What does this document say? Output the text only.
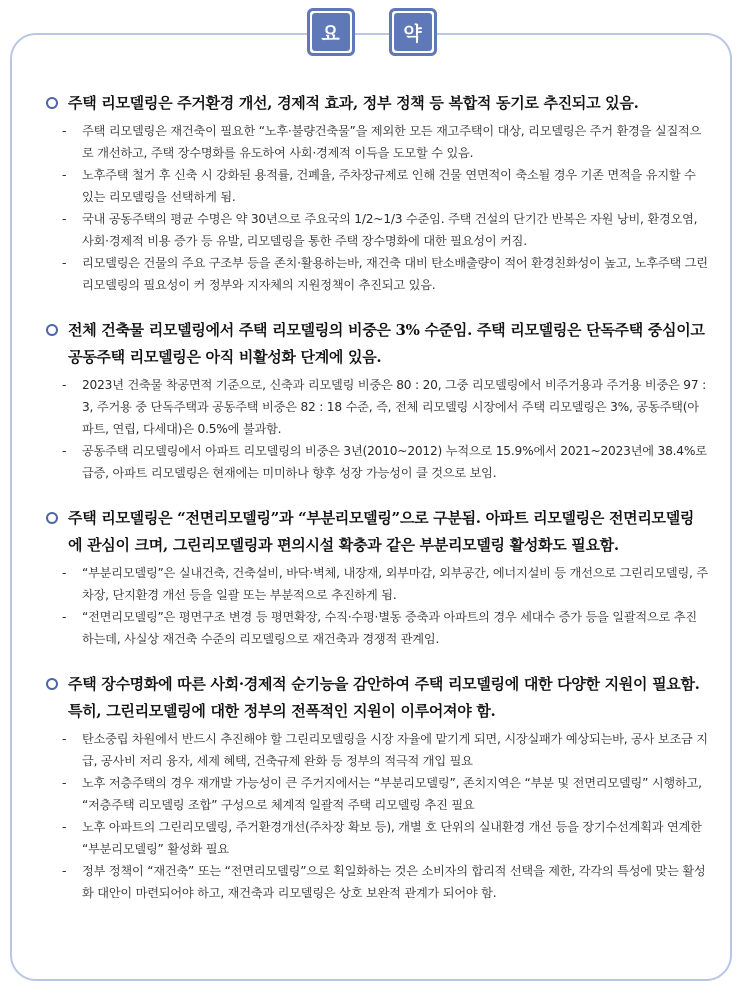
요	약
주택 리모델링은 주거환경 개선, 경제적 효과, 정부 정책 등 복합적 동기로 추진되고 있음.
- 주택 리모델링은 재건축이 필요한 “노후·불량건축물”을 제외한 모든 재고주택이 대상, 리모델링은 주거 환경을 실질적으로 개선하고, 주택 장수명화를 유도하여 사회·경제적 이득을 도모할 수 있음.
- 노후주택 철거 후 신축 시 강화된 용적률, 건폐율, 주차장규제로 인해 건물 연면적이 축소될 경우 기존 면적을 유지할 수 있는 리모델링을 선택하게 됨.
- 국내 공동주택의 평균 수명은 약 30년으로 주요국의 1/2~1/3 수준임. 주택 건설의 단기간 반복은 자원 낭비, 환경오염, 사회·경제적 비용 증가 등 유발, 리모델링을 통한 주택 장수명화에 대한 필요성이 커짐.
- 리모델링은 건물의 주요 구조부 등을 존치·활용하는바, 재건축 대비 탄소배출량이 적어 환경친화성이 높고, 노후주택 그린리모델링의 필요성이 커 정부와 지자체의 지원정책이 추진되고 있음.
전체 건축물 리모델링에서 주택 리모델링의 비중은 3% 수준임. 주택 리모델링은 단독주택 중심이고 공동주택 리모델링은 아직 비활성화 단계에 있음.
- 2023년 건축물 착공면적 기준으로, 신축과 리모델링 비중은 80 : 20, 그중 리모델링에서 비주거용과 주거용 비중은 97 : 3, 주거용 중 단독주택과 공동주택 비중은 82 : 18 수준, 즉, 전체 리모델링 시장에서 주택 리모델링은 3%, 공동주택(아파트, 연립, 다세대)은 0.5%에 불과함.
- 공동주택 리모델링에서 아파트 리모델링의 비중은 3년(2010~2012) 누적으로 15.9%에서 2021~2023년에 38.4%로 급증, 아파트 리모델링은 현재에는 미미하나 향후 성장 가능성이 클 것으로 보임.
주택 리모델링은 “전면리모델링”과 “부분리모델링”으로 구분됨. 아파트 리모델링은 전면리모델링에 관심이 크며, 그린리모델링과 편의시설 확충과 같은 부분리모델링 활성화도 필요함.
- “부분리모델링”은 실내건축, 건축설비, 바닥·벽체, 내장재, 외부마감, 외부공간, 에너지설비 등 개선으로 그린리모델링, 주차장, 단지환경 개선 등을 일괄 또는 부분적으로 추진하게 됨.
- “전면리모델링”은 평면구조 변경 등 평면확장, 수직·수평·별동 증축과 아파트의 경우 세대수 증가 등을 일괄적으로 추진하는데, 사실상 재건축 수준의 리모델링으로 재건축과 경쟁적 관계임.
주택 장수명화에 따른 사회·경제적 순기능을 감안하여 주택 리모델링에 대한 다양한 지원이 필요함. 특히, 그린리모델링에 대한 정부의 전폭적인 지원이 이루어져야 함.
- 탄소중립 차원에서 반드시 추진해야 할 그린리모델링을 시장 자율에 맡기게 되면, 시장실패가 예상되는바, 공사 보조금 지급, 공사비 저리 융자, 세제 혜택, 건축규제 완화 등 정부의 적극적 개입 필요
- 노후 저층주택의 경우 재개발 가능성이 큰 주거지에서는 “부분리모델링”, 존치지역은 “부분 및 전면리모델링” 시행하고, “저층주택 리모델링 조합” 구성으로 체계적 일괄적 주택 리모델링 추진 필요
- 노후 아파트의 그린리모델링, 주거환경개선(주차장 확보 등), 개별 호 단위의 실내환경 개선 등을 장기수선계획과 연계한 “부분리모델링” 활성화 필요
- 정부 정책이 “재건축” 또는 “전면리모델링”으로 획일화하는 것은 소비자의 합리적 선택을 제한, 각각의 특성에 맞는 활성화 대안이 마련되어야 하고, 재건축과 리모델링은 상호 보완적 관계가 되어야 함.
